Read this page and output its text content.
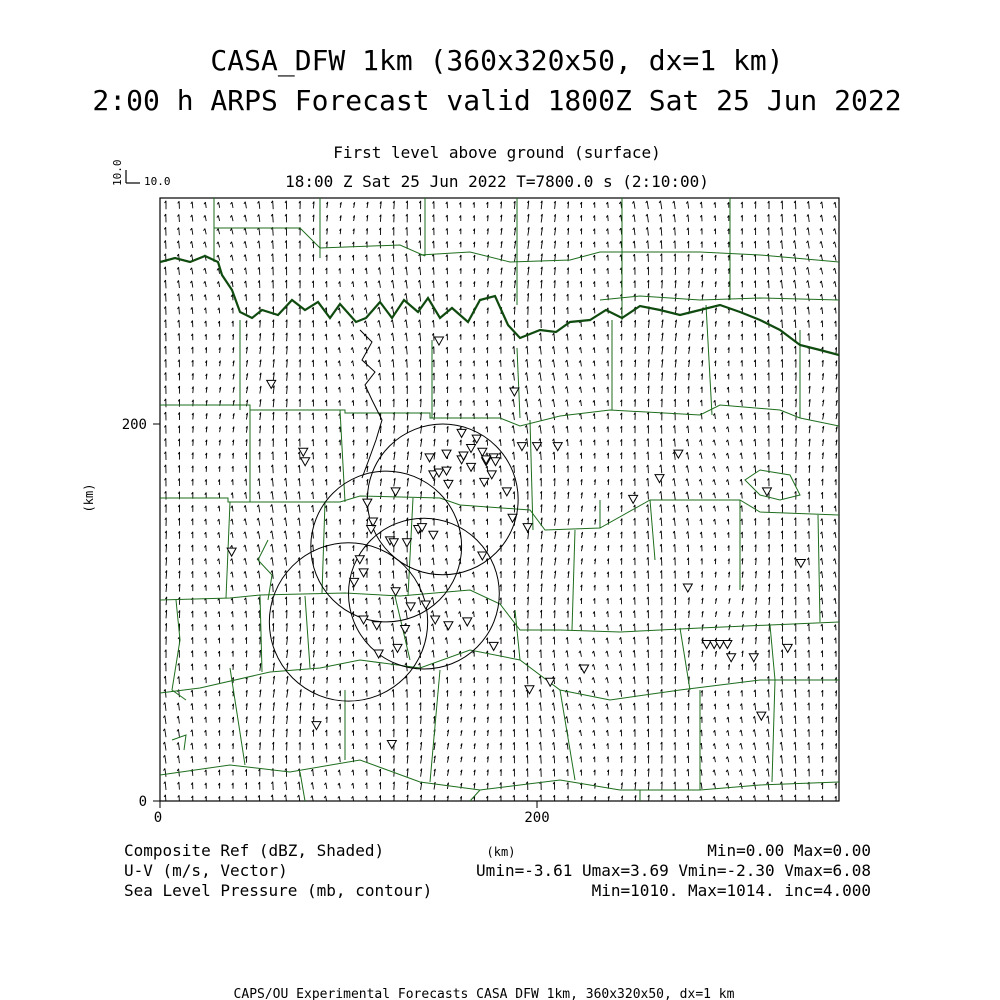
CASA_DFW 1km (360x320x50, dx=1 km)
2:00 h ARPS Forecast valid 1800Z Sat 25 Jun 2022
First level above ground (surface)
18:00 Z Sat 25 Jun 2022 T=7800.0 s (2:10:00)
10.0 10.0
0	200
0
200
(km)
Composite Ref (dBZ, Shaded)	Min=0.00 Max=0.00
(km)
U-V (m/s, Vector)	Umin=-3.61 Umax=3.69 Vmin=-2.30 Vmax=6.08
Sea Level Pressure (mb, contour)	Min=1010. Max=1014. inc=4.000
CAPS/OU Experimental Forecasts CASA_DFW 1km, 360x320x50, dx=1 km
